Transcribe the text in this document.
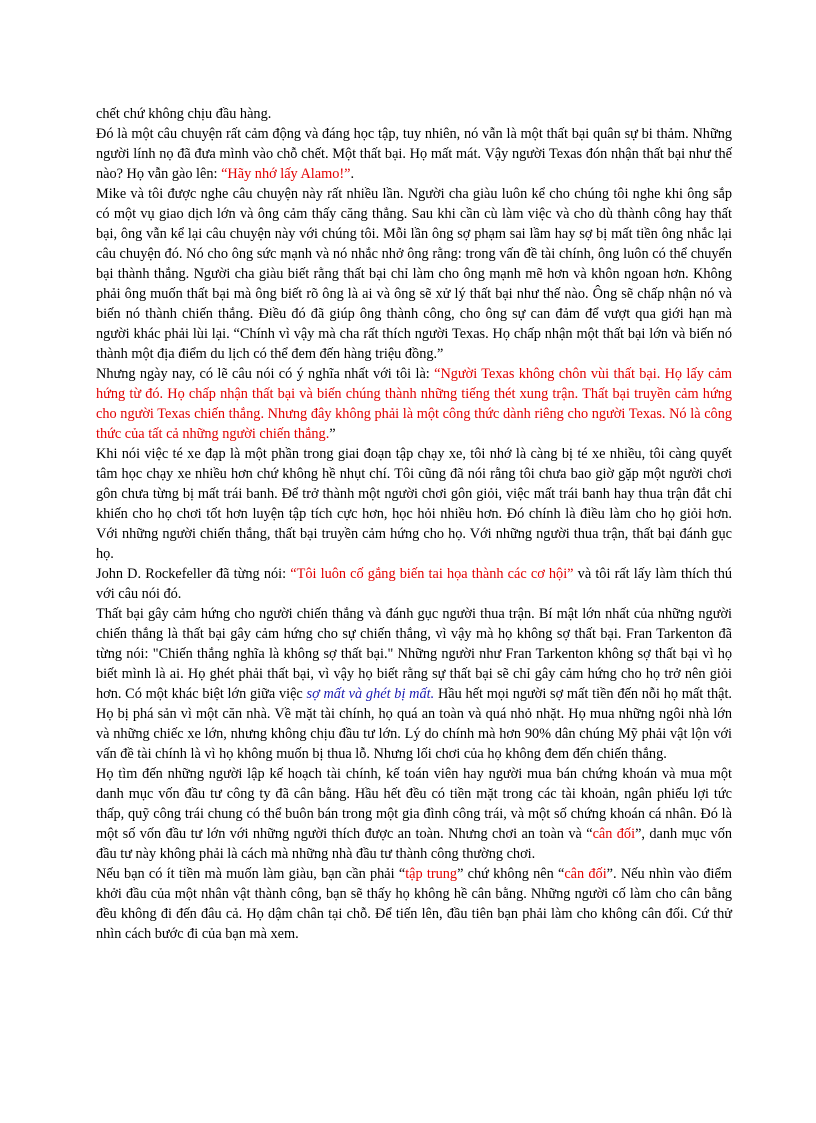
chết chứ không chịu đầu hàng.

Đó là một câu chuyện rất cảm động và đáng học tập, tuy nhiên, nó vẫn là một thất bại quân sự bi thảm. Những người lính nọ đã đưa mình vào chỗ chết. Một thất bại. Họ mất mát. Vậy người Texas đón nhận thất bại như thế nào? Họ vẫn gào lên: “Hãy nhớ lấy Alamo!”.

Mike và tôi được nghe câu chuyện này rất nhiều lần. Người cha giàu luôn kể cho chúng tôi nghe khi ông sắp có một vụ giao dịch lớn và ông cảm thấy căng thẳng. Sau khi cần cù làm việc và cho dù thành công hay thất bại, ông vẫn kể lại câu chuyện này với chúng tôi. Mỗi lần ông sợ phạm sai lầm hay sợ bị mất tiền ông nhắc lại câu chuyện đó. Nó cho ông sức mạnh và nó nhắc nhở ông rằng: trong vấn đề tài chính, ông luôn có thể chuyển bại thành thắng. Người cha giàu biết rằng thất bại chỉ làm cho ông mạnh mẽ hơn và khôn ngoan hơn. Không phải ông muốn thất bại mà ông biết rõ ông là ai và ông sẽ xử lý thất bại như thế nào. Ông sẽ chấp nhận nó và biến nó thành chiến thắng. Điều đó đã giúp ông thành công, cho ông sự can đảm để vượt qua giới hạn mà người khác phải lùi lại. “Chính vì vậy mà cha rất thích người Texas. Họ chấp nhận một thất bại lớn và biến nó thành một địa điểm du lịch có thể đem đến hàng triệu đồng.”

Nhưng ngày nay, có lẽ câu nói có ý nghĩa nhất với tôi là: “Người Texas không chôn vùi thất bại. Họ lấy cảm hứng từ đó. Họ chấp nhận thất bại và biến chúng thành những tiếng thét xung trận. Thất bại truyền cảm hứng cho người Texas chiến thắng. Nhưng đây không phải là một công thức dành riêng cho người Texas. Nó là công thức của tất cả những người chiến thắng.”

Khi nói việc té xe đạp là một phần trong giai đoạn tập chạy xe, tôi nhớ là càng bị té xe nhiều, tôi càng quyết tâm học chạy xe nhiều hơn chứ không hề nhụt chí. Tôi cũng đã nói rằng tôi chưa bao giờ gặp một người chơi gôn chưa từng bị mất trái banh. Để trở thành một người chơi gôn giỏi, việc mất trái banh hay thua trận đắt chỉ khiến cho họ chơi tốt hơn luyện tập tích cực hơn, học hỏi nhiều hơn. Đó chính là điều làm cho họ giỏi hơn. Với những người chiến thắng, thất bại truyền cảm hứng cho họ. Với những người thua trận, thất bại đánh gục họ.

John D. Rockefeller đã từng nói: “Tôi luôn cố gắng biến tai họa thành các cơ hội” và tôi rất lấy làm thích thú với câu nói đó.

Thất bại gây cảm hứng cho người chiến thắng và đánh gục người thua trận. Bí mật lớn nhất của những người chiến thắng là thất bại gây cảm hứng cho sự chiến thắng, vì vậy mà họ không sợ thất bại. Fran Tarkenton đã từng nói: "Chiến thắng nghĩa là không sợ thất bại." Những người như Fran Tarkenton không sợ thất bại vì họ biết mình là ai. Họ ghét phải thất bại, vì vậy họ biết rằng sự thất bại sẽ chỉ gây cảm hứng cho họ trở nên giỏi hơn. Có một khác biệt lớn giữa việc sợ mất và ghét bị mất. Hầu hết mọi người sợ mất tiền đến nỗi họ mất thật. Họ bị phá sản vì một căn nhà. Về mặt tài chính, họ quá an toàn và quá nhỏ nhặt. Họ mua những ngôi nhà lớn và những chiếc xe lớn, nhưng không chịu đầu tư lớn. Lý do chính mà hơn 90% dân chúng Mỹ phải vật lộn với vấn đề tài chính là vì họ không muốn bị thua lỗ. Nhưng lối chơi của họ không đem đến chiến thắng.

Họ tìm đến những người lập kế hoạch tài chính, kế toán viên hay người mua bán chứng khoán và mua một danh mục vốn đầu tư công ty đã cân bằng. Hầu hết đều có tiền mặt trong các tài khoản, ngân phiếu lợi tức thấp, quỹ công trái chung có thể buôn bán trong một gia đình công trái, và một số chứng khoán cá nhân. Đó là một số vốn đầu tư lớn với những người thích được an toàn. Nhưng chơi an toàn và “cân đối”, danh mục vốn đầu tư này không phải là cách mà những nhà đầu tư thành công thường chơi.

Nếu bạn có ít tiền mà muốn làm giàu, bạn cần phải “tập trung” chứ không nên “cân đối”. Nếu nhìn vào điểm khởi đầu của một nhân vật thành công, bạn sẽ thấy họ không hề cân bằng. Những người cố làm cho cân bằng đều không đi đến đâu cả. Họ dậm chân tại chỗ. Để tiến lên, đầu tiên bạn phải làm cho không cân đối. Cứ thử nhìn cách bước đi của bạn mà xem.
